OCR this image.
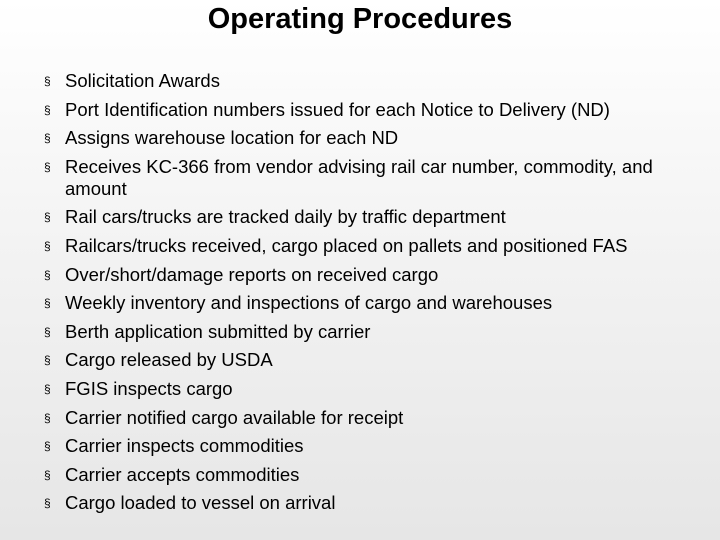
Operating Procedures
§ Solicitation Awards
§ Port Identification numbers issued for each Notice to Delivery (ND)
§ Assigns warehouse location for each ND
§ Receives KC-366 from vendor advising rail car number, commodity, and amount
§ Rail cars/trucks are tracked daily by traffic department
§ Railcars/trucks received, cargo placed on pallets and positioned FAS
§ Over/short/damage reports on received cargo
§ Weekly inventory and inspections of cargo and warehouses
§ Berth application submitted by carrier
§ Cargo released by USDA
§ FGIS inspects cargo
§ Carrier notified cargo available for receipt
§ Carrier inspects commodities
§ Carrier accepts commodities
§ Cargo loaded to vessel on arrival
